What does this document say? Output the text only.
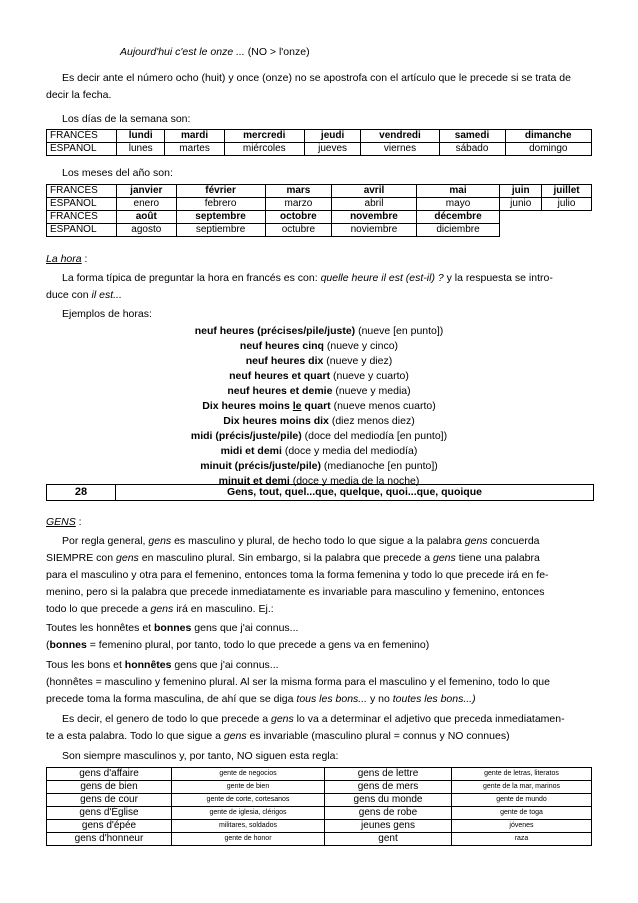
Aujourd'hui c'est le onze ... (NO > l'onze)
Es decir ante el número ocho (huit) y once (onze) no se apostrofa con el artículo que le precede si se trata de decir la fecha.
Los días de la semana son:
FRANCÉS	lundi	mardi	mercredi	jeudi	vendredi	samedi	dimanche
ESPAÑOL	lunes	martes	miércoles	jueves	viernes	sábado	domingo
Los meses del año son:
FRANCÉS	janvier	février	mars	avril	mai	juin	juillet
ESPAÑOL	enero	febrero	marzo	abril	mayo	junio	julio
FRANCÉS	août	septembre	octobre	novembre	décembre		
ESPAÑOL	agosto	septiembre	octubre	noviembre	diciembre		
La hora :
La forma típica de preguntar la hora en francés es con: quelle heure il est (est-il) ? y la respuesta se intro-
duce con il est...
Ejemplos de horas:
neuf heures (précises/pile/juste) (nueve [en punto])
neuf heures cinq (nueve y cinco)
neuf heures dix (nueve y diez)
neuf heures et quart (nueve y cuarto)
neuf heures et demie (nueve y media)
Dix heures moins le quart (nueve menos cuarto)
Dix heures moins dix (diez menos diez)
midi (précis/juste/pile) (doce del mediodía [en punto])
midi et demi (doce y media del mediodía)
minuit (précis/juste/pile) (medianoche [en punto])
minuit et demi (doce y media de la noche)
28	Gens, tout, quel...que, quelque, quoi...que, quoique
GENS :
Por regla general, gens es masculino y plural, de hecho todo lo que sigue a la palabra gens concuerda
SIEMPRE con gens en masculino plural. Sin embargo, si la palabra que precede a gens tiene una palabra
para el masculino y otra para el femenino, entonces toma la forma femenina y todo lo que precede irá en fe-
menino, pero si la palabra que precede inmediatamente es invariable para masculino y femenino, entonces
todo lo que precede a gens irá en masculino. Ej.:
Toutes les honnêtes et bonnes gens que j'ai connus...
(bonnes = femenino plural, por tanto, todo lo que precede a gens va en femenino)
Tous les bons et honnêtes gens que j'ai connus...
(honnêtes = masculino y femenino plural. Al ser la misma forma para el masculino y el femenino, todo lo que
precede toma la forma masculina, de ahí que se diga tous les bons... y no toutes les bons...)
Es decir, el genero de todo lo que precede a gens lo va a determinar el adjetivo que preceda inmediatamen-
te a esta palabra. Todo lo que sigue a gens es invariable (masculino plural = connus y NO connues)
Son siempre masculinos y, por tanto, NO siguen esta regla:
gens d'affaire	gente de negocios	gens de lettre	gente de letras, literatos
gens de bien	gente de bien	gens de mers	gente de la mar, marinos
gens de cour	gente de corte, cortesanos	gens du monde	gente de mundo
gens d'Église	gente de iglesia, clérigos	gens de robe	gente de toga
gens d'épée	militares, soldados	jeunes gens	jóvenes
gens d'honneur	gente de honor	gent	raza
